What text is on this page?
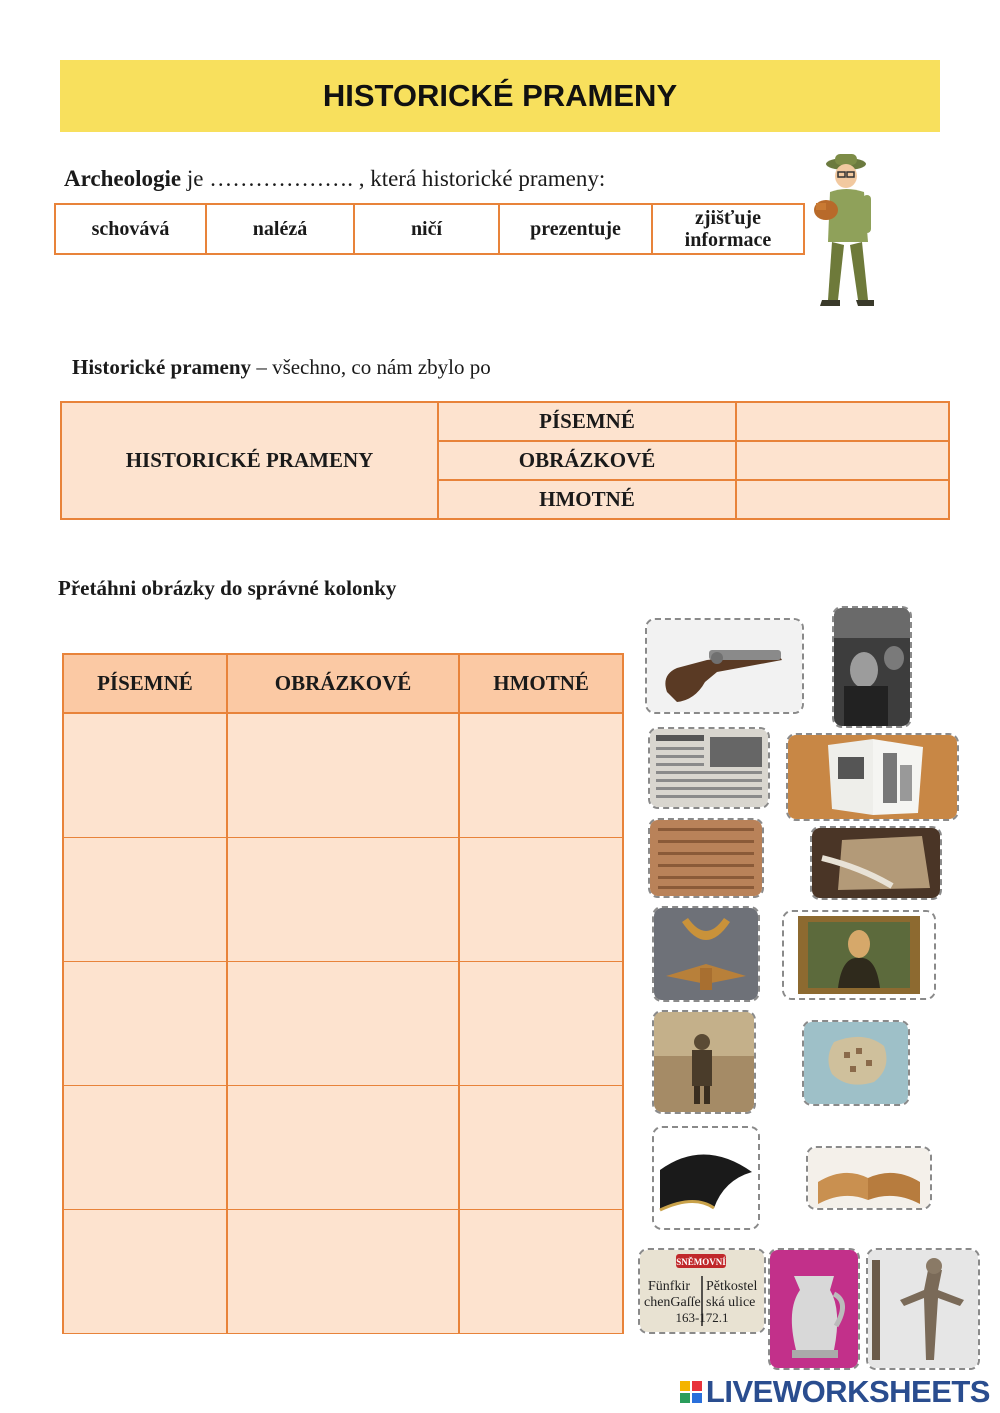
HISTORICKÉ PRAMENY
Archeologie je ………………. , která historické prameny:
schovává	nalézá	ničí	prezentuje	zjišťuje informace
Historické prameny – všechno, co nám zbylo po
HISTORICKÉ PRAMENY	PÍSEMNÉ	
	OBRÁZKOVÉ	
	HMOTNÉ	
Přetáhni obrázky do správné kolonky
PÍSEMNÉ	OBRÁZKOVÉ	HMOTNÉ

SNĚMOVNÍ
Fünfkir
chenGaſſe
Pětkostel
ská ulice
163-172.1
LIVEWORKSHEETS
